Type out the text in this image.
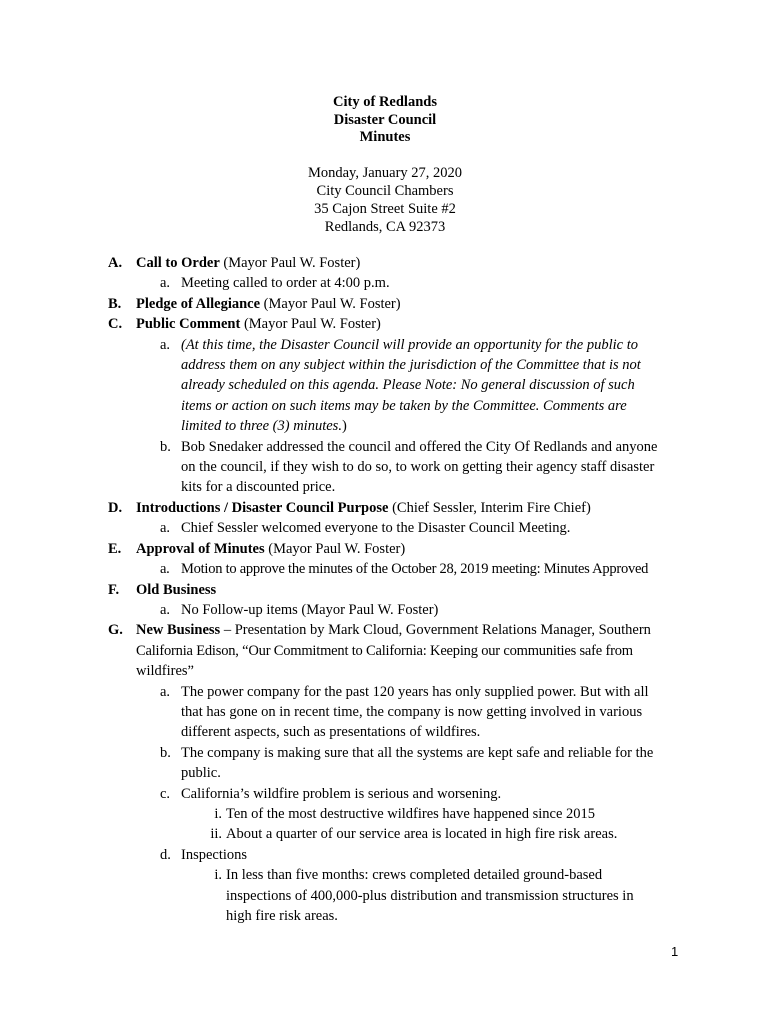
City of Redlands
Disaster Council
Minutes
Monday, January 27, 2020
City Council Chambers
35 Cajon Street Suite #2
Redlands, CA 92373
A. Call to Order (Mayor Paul W. Foster)
a. Meeting called to order at 4:00 p.m.
B. Pledge of Allegiance (Mayor Paul W. Foster)
C. Public Comment (Mayor Paul W. Foster)
a. (At this time, the Disaster Council will provide an opportunity for the public to
address them on any subject within the jurisdiction of the Committee that is not
already scheduled on this agenda. Please Note: No general discussion of such
items or action on such items may be taken by the Committee. Comments are
limited to three (3) minutes.)
b. Bob Snedaker addressed the council and offered the City Of Redlands and anyone
on the council, if they wish to do so, to work on getting their agency staff disaster
kits for a discounted price.
D. Introductions / Disaster Council Purpose (Chief Sessler, Interim Fire Chief)
a. Chief Sessler welcomed everyone to the Disaster Council Meeting.
E. Approval of Minutes (Mayor Paul W. Foster)
a. Motion to approve the minutes of the October 28, 2019 meeting: Minutes Approved
F. Old Business
a. No Follow-up items (Mayor Paul W. Foster)
G. New Business – Presentation by Mark Cloud, Government Relations Manager, Southern
California Edison, “Our Commitment to California: Keeping our communities safe from
wildfires”
a. The power company for the past 120 years has only supplied power. But with all
that has gone on in recent time, the company is now getting involved in various
different aspects, such as presentations of wildfires.
b. The company is making sure that all the systems are kept safe and reliable for the
public.
c. California’s wildfire problem is serious and worsening.
i. Ten of the most destructive wildfires have happened since 2015
ii. About a quarter of our service area is located in high fire risk areas.
d. Inspections
i. In less than five months: crews completed detailed ground-based
inspections of 400,000-plus distribution and transmission structures in
high fire risk areas.
1
